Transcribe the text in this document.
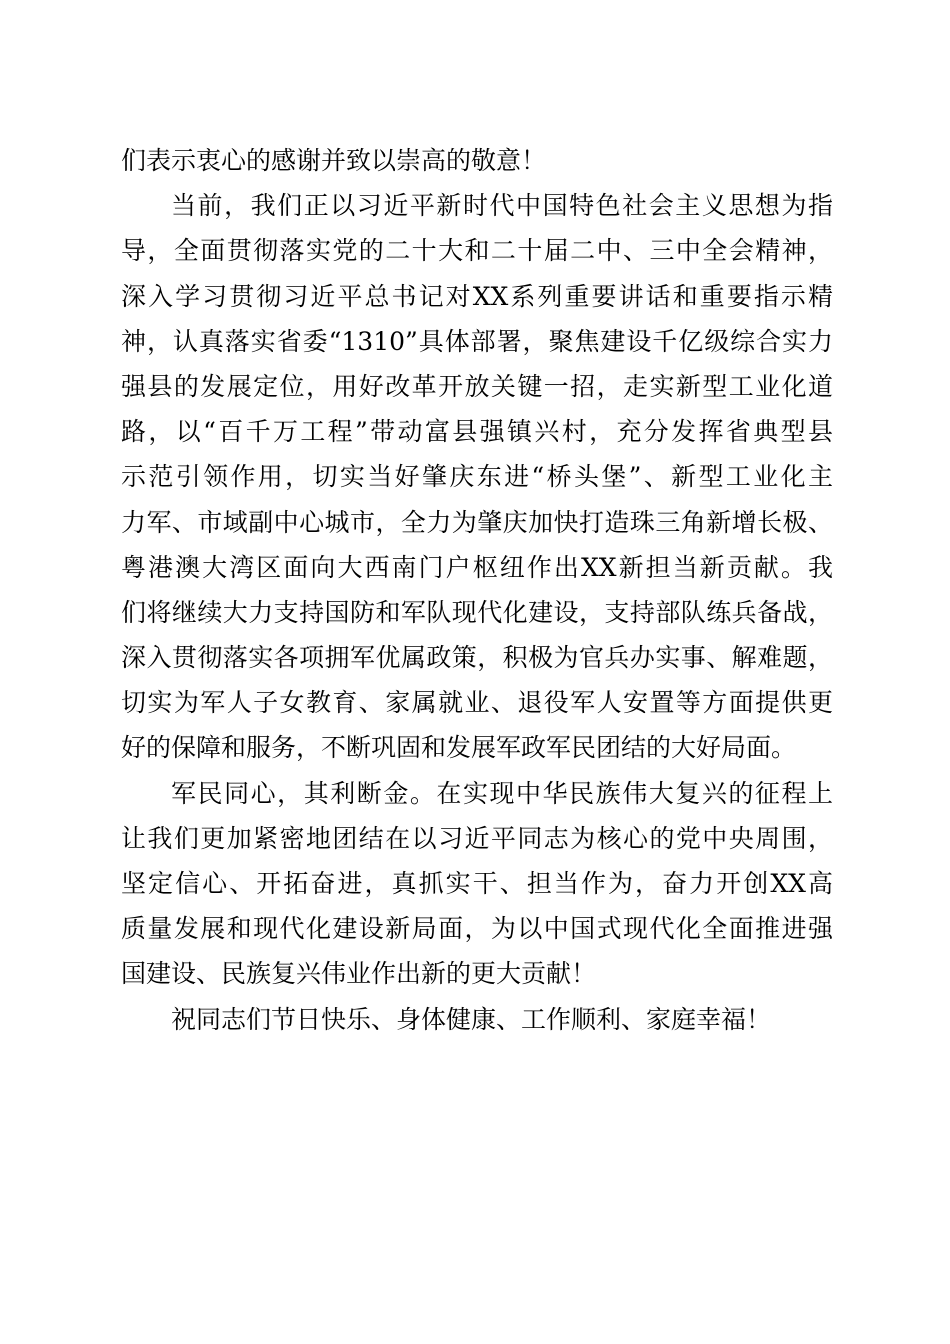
们表示衷心的感谢并致以崇高的敬意！
当前，我们正以习近平新时代中国特色社会主义思想为指
导，全面贯彻落实党的二十大和二十届二中、三中全会精神，
深入学习贯彻习近平总书记对XX系列重要讲话和重要指示精
神，认真落实省委“1310”具体部署，聚焦建设千亿级综合实力
强县的发展定位，用好改革开放关键一招，走实新型工业化道
路，以“百千万工程”带动富县强镇兴村，充分发挥省典型县
示范引领作用，切实当好肇庆东进“桥头堡”、新型工业化主
力军、市域副中心城市，全力为肇庆加快打造珠三角新增长极、
粤港澳大湾区面向大西南门户枢纽作出XX新担当新贡献。我
们将继续大力支持国防和军队现代化建设，支持部队练兵备战，
深入贯彻落实各项拥军优属政策，积极为官兵办实事、解难题，
切实为军人子女教育、家属就业、退役军人安置等方面提供更
好的保障和服务，不断巩固和发展军政军民团结的大好局面。
军民同心，其利断金。在实现中华民族伟大复兴的征程上
让我们更加紧密地团结在以习近平同志为核心的党中央周围，
坚定信心、开拓奋进，真抓实干、担当作为，奋力开创XX高
质量发展和现代化建设新局面，为以中国式现代化全面推进强
国建设、民族复兴伟业作出新的更大贡献！
祝同志们节日快乐、身体健康、工作顺利、家庭幸福！
